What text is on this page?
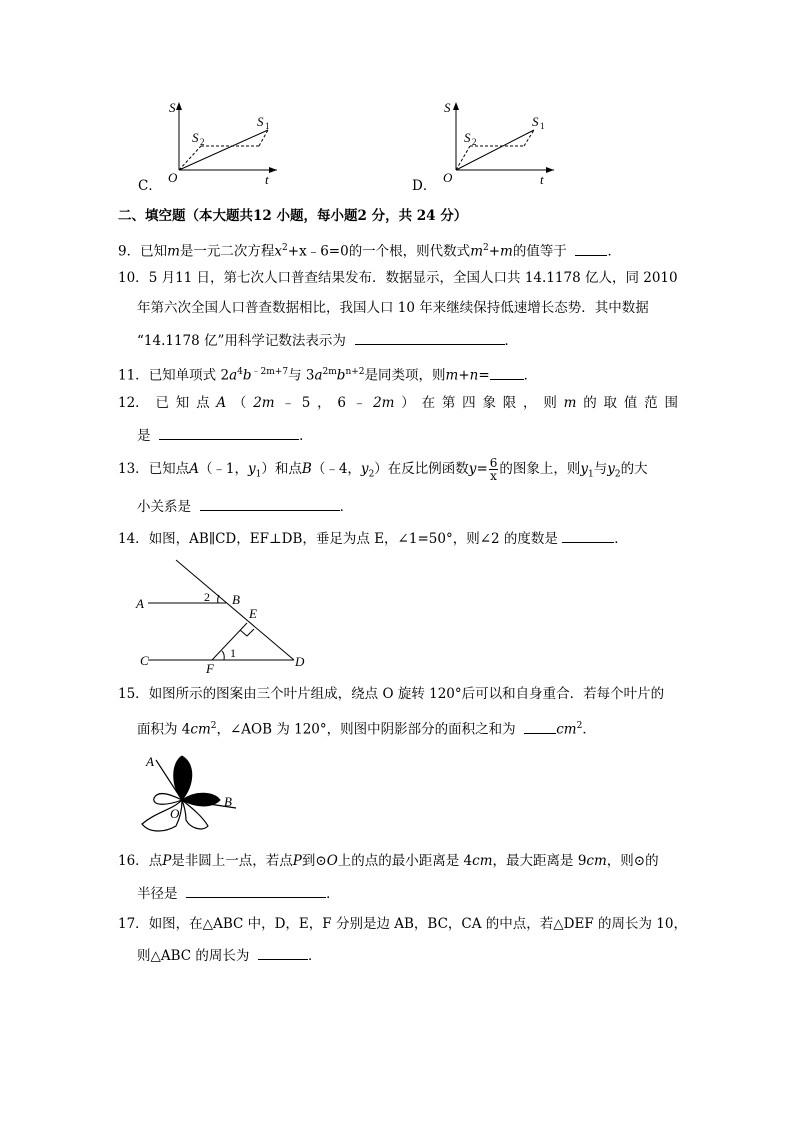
S
S 1
S 2
O	t
C．
S
S 1
S 2
O	t
D．
二、填空题（本大题共12 小题，每小题2 分，共 24 分）
9．已知m是一元二次方程$x^2+x﹣6=0$的一个根，则代数式$m^2+m$的值等于	．
10．5 月11 日，第七次人口普查结果发布．数据显示，全国人口共 14.1178 亿人，同 2010
年第六次全国人口普查数据相比，我国人口 10 年来继续保持低速增长态势．其中数据
“14.1178 亿”用科学记数法表示为	．
11．已知单项式 $2a^4b^{﹣2m+7}$与 $3a^{2m}b^{n+2}$是同类项，则m+n=	．
12． 已 知 点 A （ 2m ﹣ 5 ， 6 ﹣ 2m ） 在 第 四 象 限 ， 则 m 的 取 值 范 围
是	．
13．已知点A（﹣1，$y_1$）和点B（﹣4，$y_2$）在反比例函数$y= \frac{6}{x}$ 的图象上，则$y_1$与$y_2$的大
小关系是	．
14．如图，AB∥CD，EF⊥DB，垂足为点 E，∠1=50°，则∠2 的度数是	．
A	2 B
E
1
C
F	D
15．如图所示的图案由三个叶片组成，绕点 O 旋转 120°后可以和自身重合．若每个叶片的
面积为 $4cm^2$，∠AOB 为 120°，则图中阴影部分的面积之和为	$cm^2$．
A
B
O
16．点P是非圆上一点，若点P到⊙O上的点的最小距离是 4cm，最大距离是 9cm，则⊙的
半径是	．
17．如图，在△ABC 中，D，E，F 分别是边 AB，BC，CA 的中点，若△DEF 的周长为 10，
则△ABC 的周长为	．
